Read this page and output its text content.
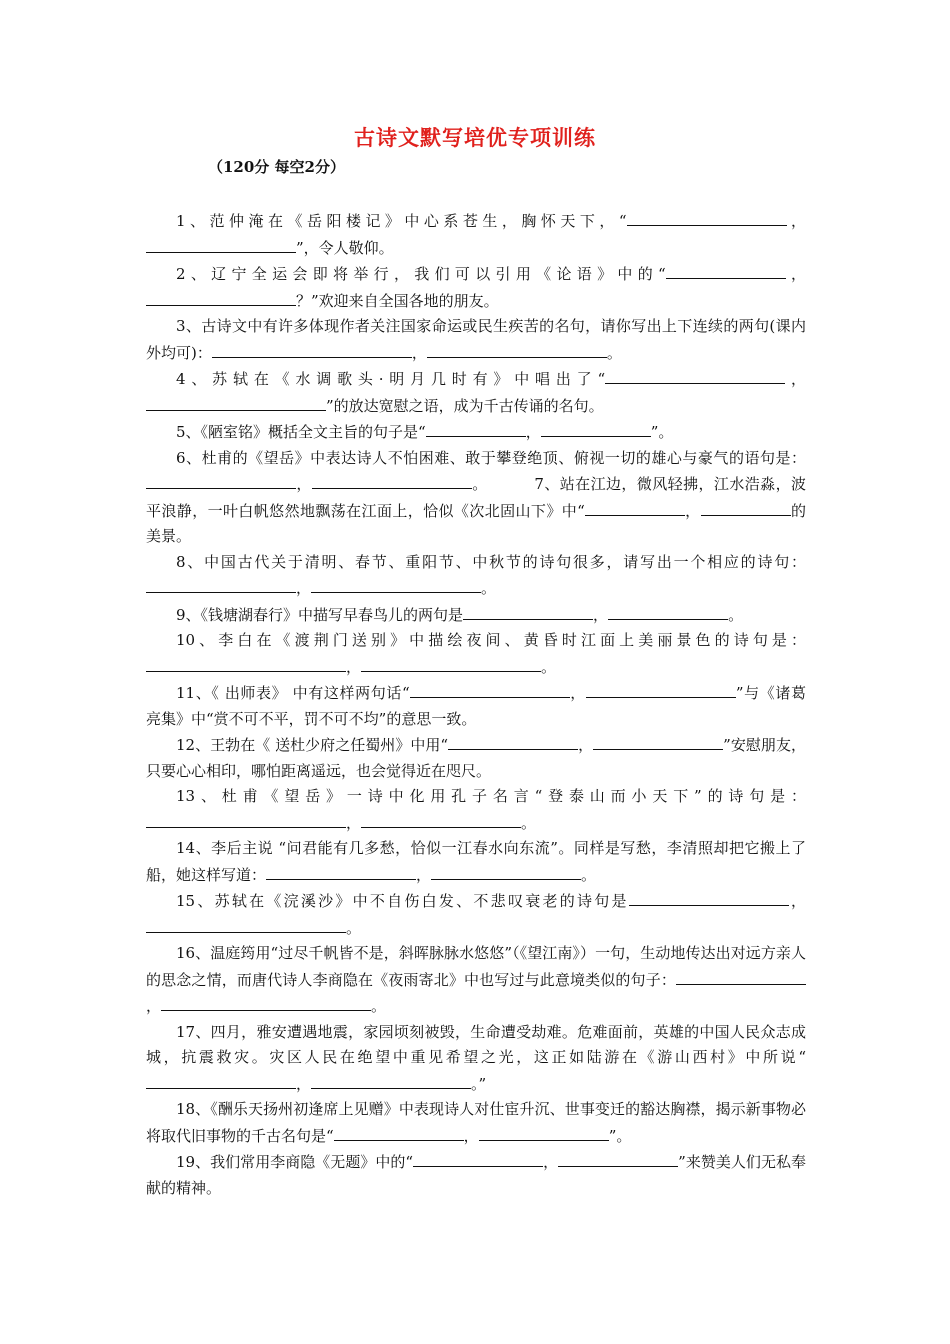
古诗文默写培优专项训练
（120分 每空2分）

1、范仲淹在《岳阳楼记》中心系苍生，胸怀天下，“	，”，令人敬仰。

2、辽宁全运会即将举行，我们可以引用《论语》中的“	，？”欢迎来自全国各地的朋友。

3、古诗文中有许多体现作者关注国家命运或民生疾苦的名句，请你写出上下连续的两句(课内外均可)：	，	。

4、苏轼在《水调歌头·明月几时有》中唱出了“	，”的放达宽慰之语，成为千古传诵的名句。

5、《陋室铭》概括全文主旨的句子是“	，	”。

6、杜甫的《望岳》中表达诗人不怕困难、敢于攀登绝顶、俯视一切的雄心与豪气的语句是：，	。	7、站在江边，微风轻拂，江水浩淼，波平浪静，一叶白帆悠然地飘荡在江面上，恰似《次北固山下》中“	，	的美景。

8、中国古代关于清明、春节、重阳节、中秋节的诗句很多，请写出一个相应的诗句：，	。

9、《钱塘湖春行》中描写早春鸟儿的两句是	，	。

10、李白在《渡荆门送别》中描绘夜间、黄昏时江面上美丽景色的诗句是：，	。

11、《 出师表》 中有这样两句话“	，	”与《诸葛亮集》中“赏不可不平，罚不可不均”的意思一致。

12、王勃在《 送杜少府之任蜀州》中用“	，	”安慰朋友，只要心心相印，哪怕距离遥远，也会觉得近在咫尺。

13、杜甫《望岳》一诗中化用孔子名言“登泰山而小天下”的诗句是：，	。

14、李后主说 “问君能有几多愁，恰似一江春水向东流”。同样是写愁，李清照却把它搬上了船，她这样写道：	，	。

15、苏轼在《浣溪沙》中不自伤白发、不悲叹衰老的诗句是	，。

16、温庭筠用“过尽千帆皆不是，斜晖脉脉水悠悠”（《望江南》）一句，生动地传达出对远方亲人的思念之情，而唐代诗人李商隐在《夜雨寄北》中也写过与此意境类似的句子：，	。

17、四月，雅安遭遇地震，家园顷刻被毁，生命遭受劫难。危难面前，英雄的中国人民众志成城，抗震救灾。灾区人民在绝望中重见希望之光，这正如陆游在《游山西村》中所说“，	。”

18、《酬乐天扬州初逢席上见赠》中表现诗人对仕宦升沉、世事变迁的豁达胸襟，揭示新事物必将取代旧事物的千古名句是“	，	”。

19、我们常用李商隐《无题》中的“	，	”来赞美人们无私奉献的精神。
